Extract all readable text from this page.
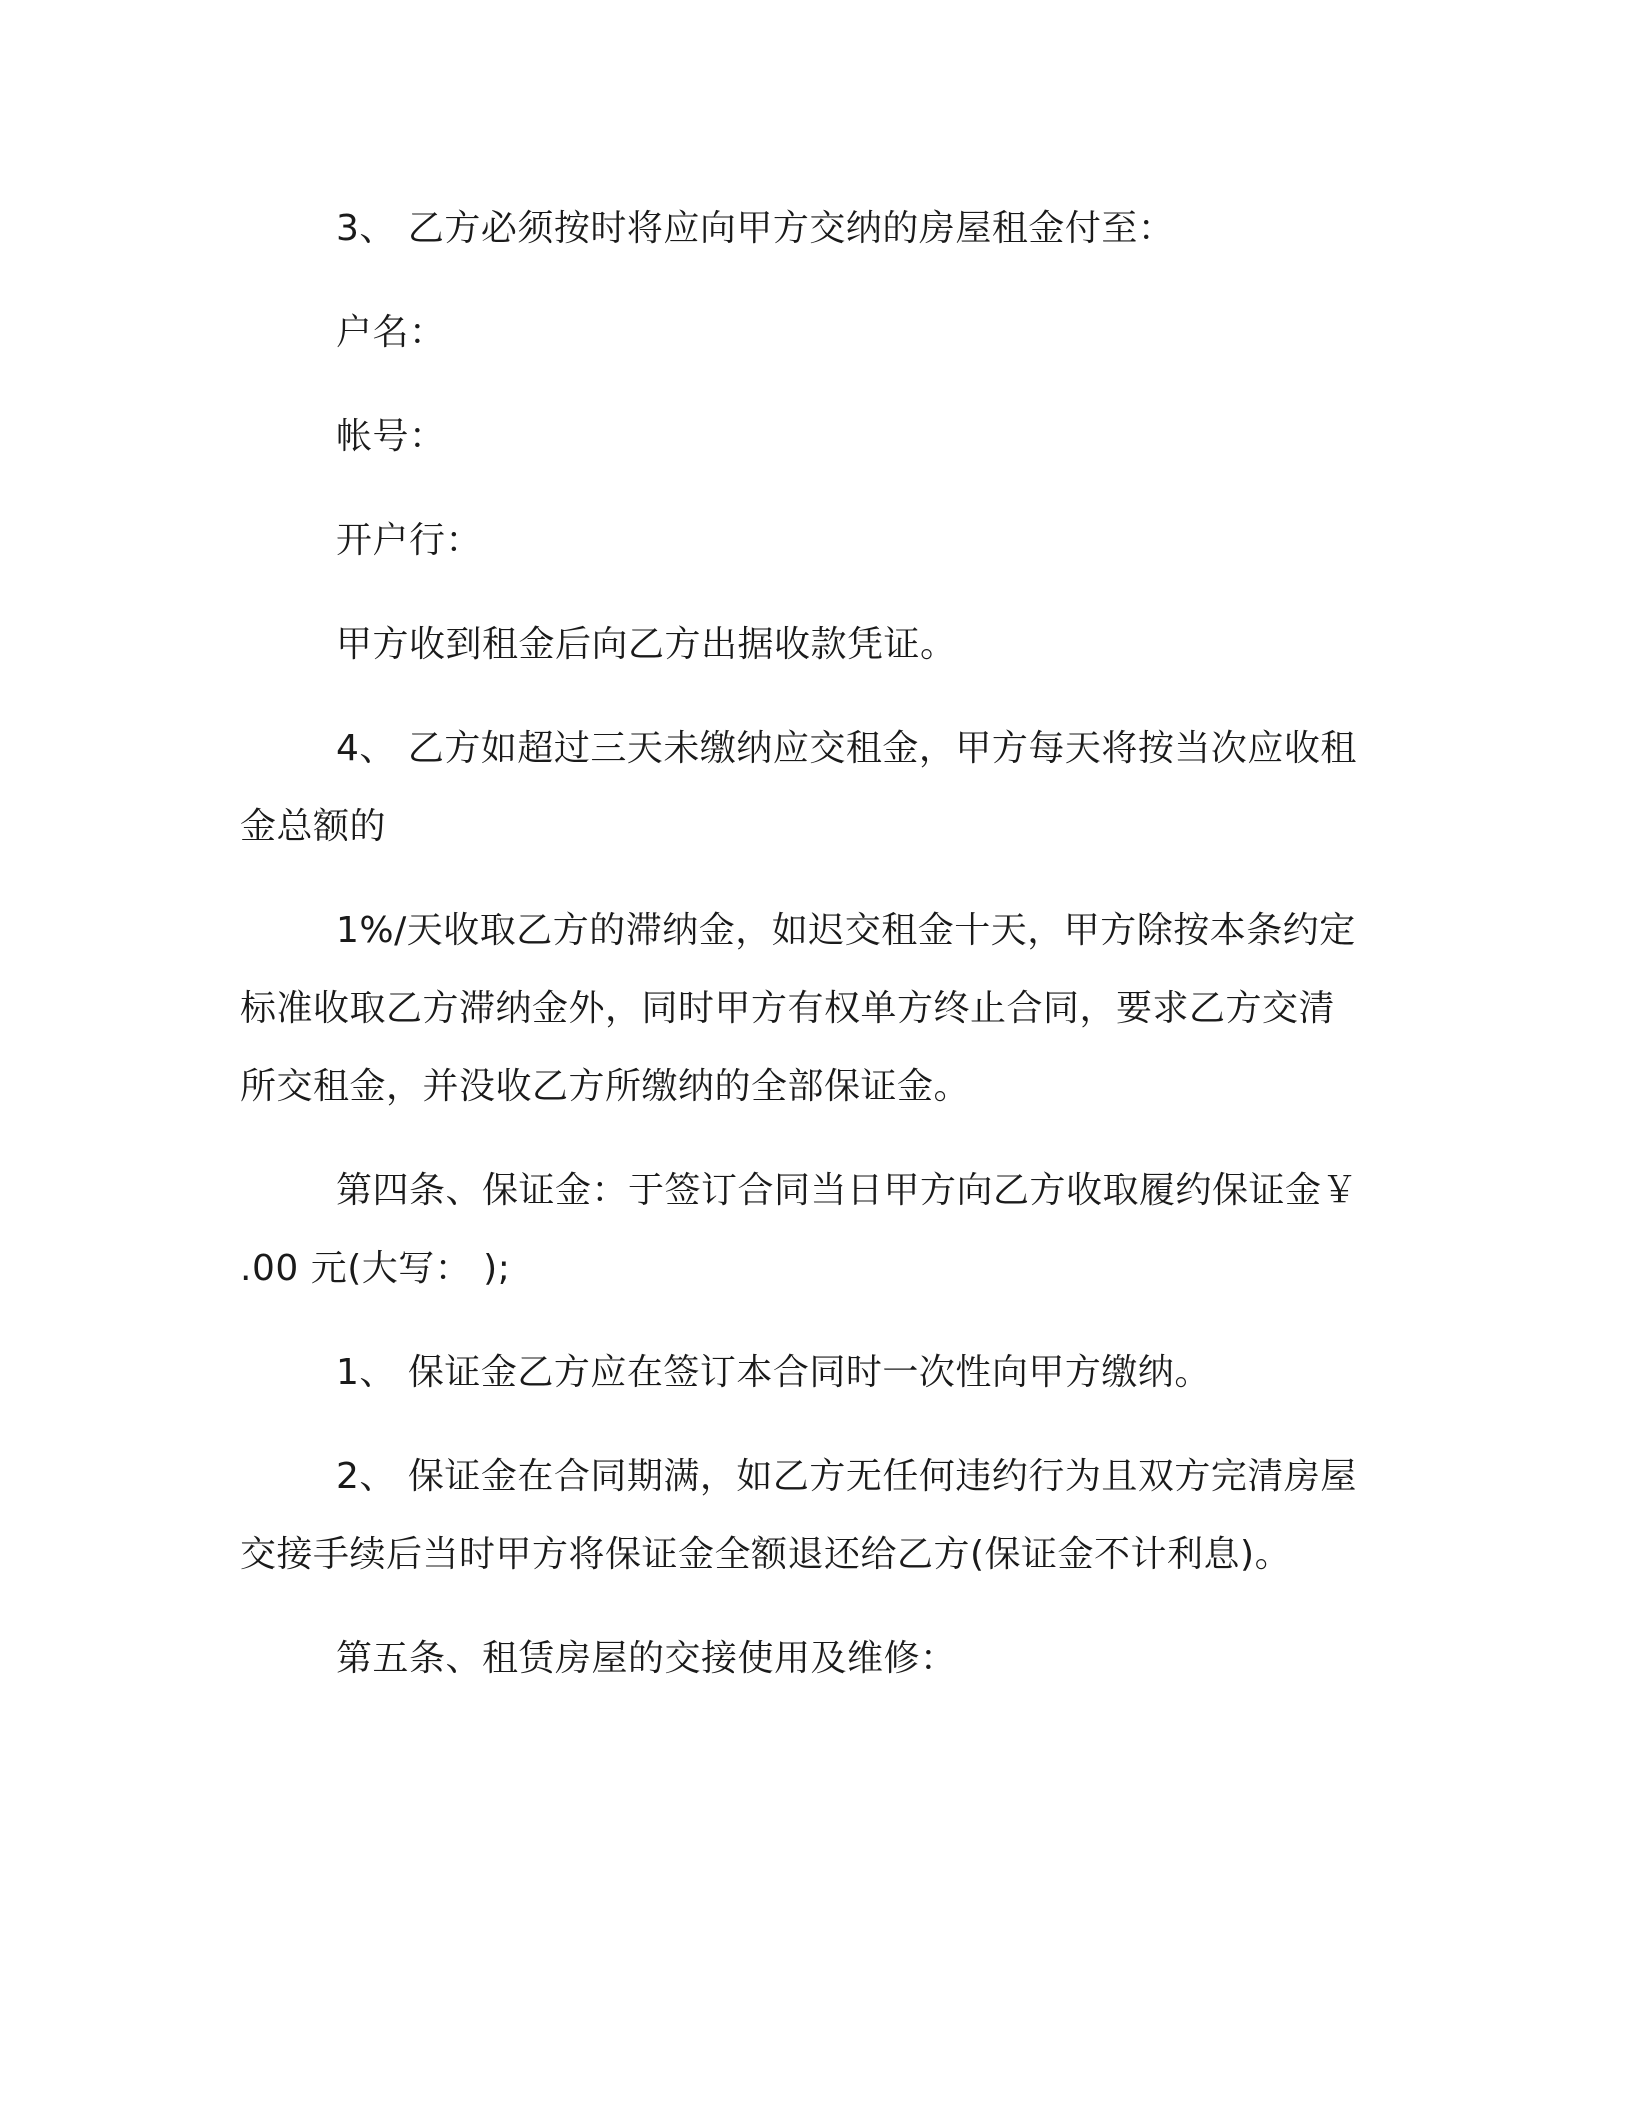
3、 乙方必须按时将应向甲方交纳的房屋租金付至：

户名：

帐号：

开户行：

甲方收到租金后向乙方出据收款凭证。

4、 乙方如超过三天未缴纳应交租金，甲方每天将按当次应收租金总额的

1%/天收取乙方的滞纳金，如迟交租金十天，甲方除按本条约定标准收取乙方滞纳金外，同时甲方有权单方终止合同，要求乙方交清所交租金，并没收乙方所缴纳的全部保证金。

第四条、保证金：于签订合同当日甲方向乙方收取履约保证金￥ .00 元(大写： );

1、 保证金乙方应在签订本合同时一次性向甲方缴纳。

2、 保证金在合同期满，如乙方无任何违约行为且双方完清房屋交接手续后当时甲方将保证金全额退还给乙方(保证金不计利息)。

第五条、租赁房屋的交接使用及维修：
